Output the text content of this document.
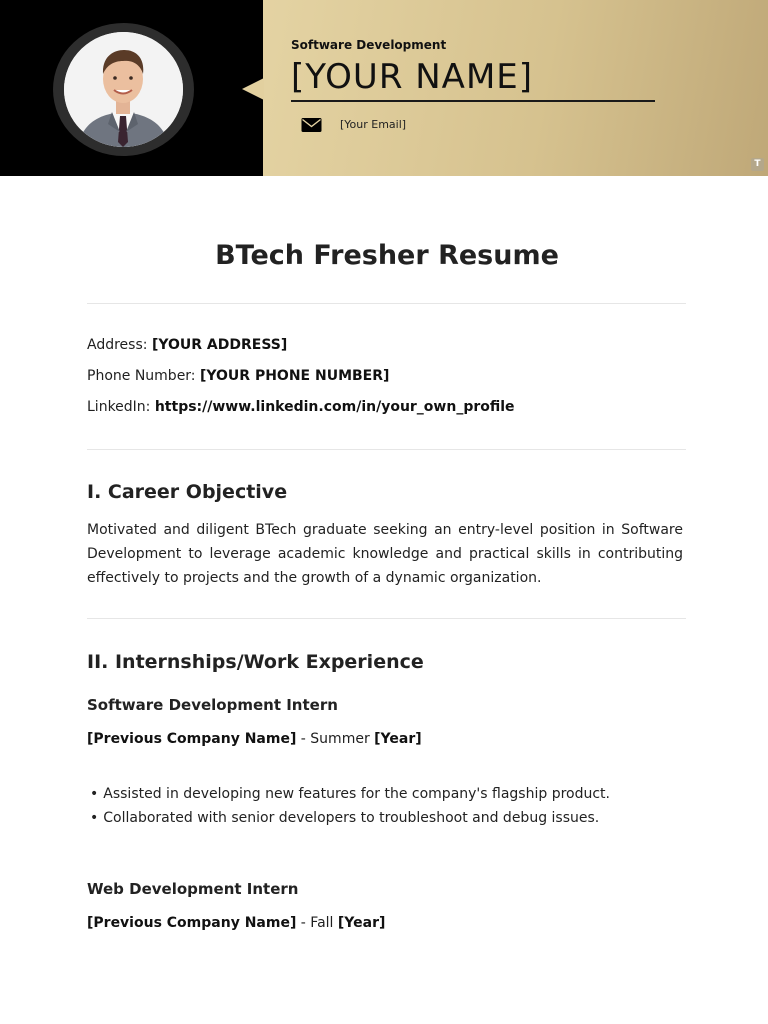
Software Development
[YOUR NAME]
[Your Email]
T
BTech Fresher Resume
Address: [YOUR ADDRESS]
Phone Number: [YOUR PHONE NUMBER]
LinkedIn: https://www.linkedin.com/in/your_own_profile
I. Career Objective
Motivated and diligent BTech graduate seeking an entry-level position in Software Development to leverage academic knowledge and practical skills in contributing effectively to projects and the growth of a dynamic organization.
II. Internships/Work Experience
Software Development Intern
[Previous Company Name] - Summer [Year]
• Assisted in developing new features for the company's flagship product.
• Collaborated with senior developers to troubleshoot and debug issues.
Web Development Intern
[Previous Company Name] - Fall [Year]
